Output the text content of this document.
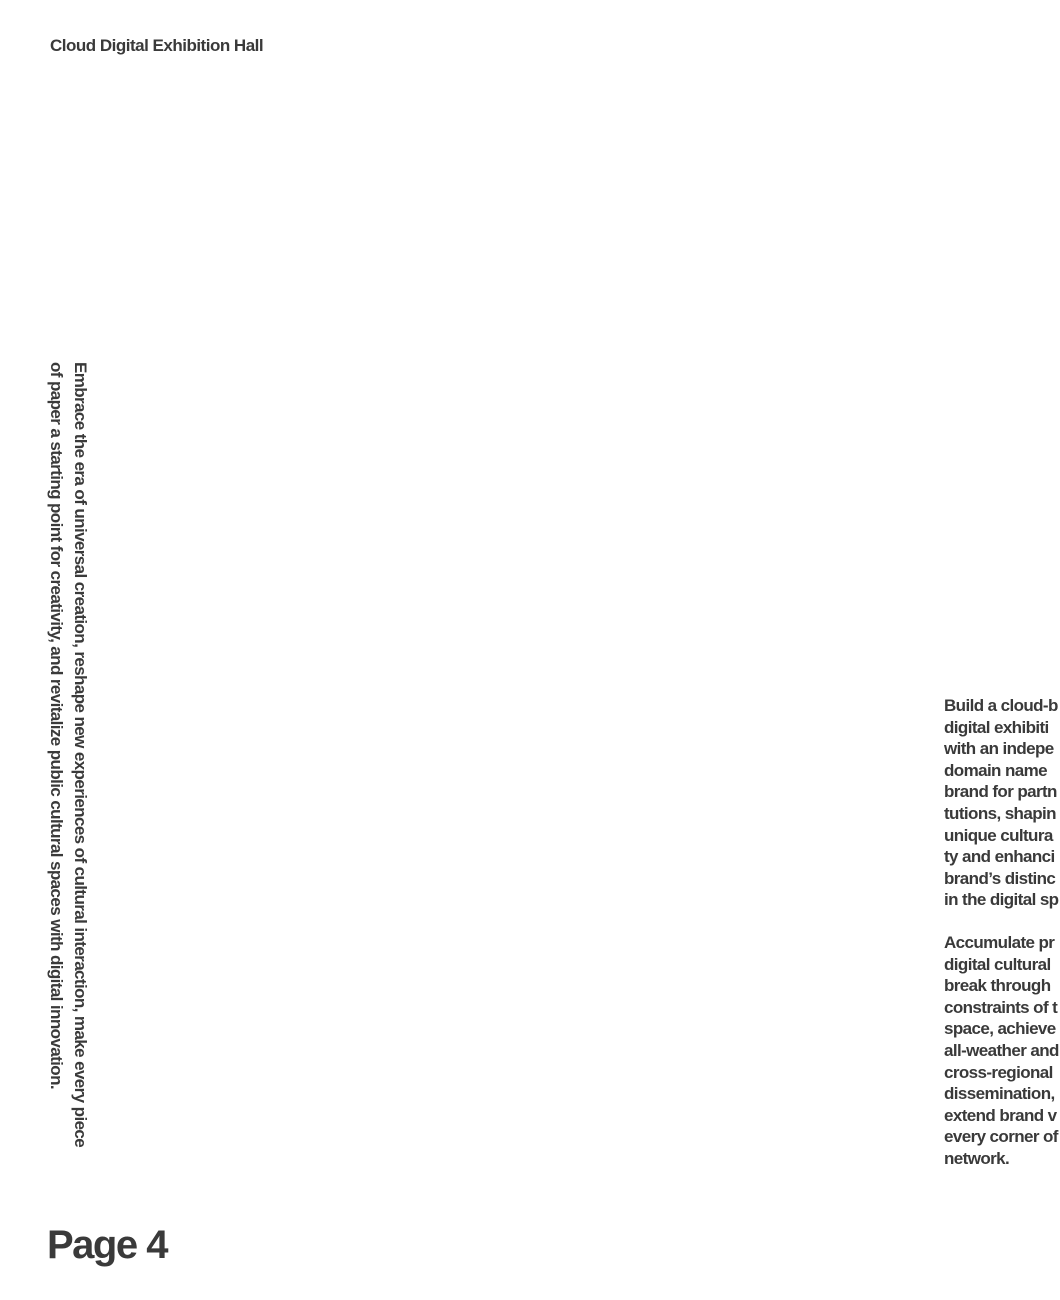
Cloud Digital Exhibition Hall
Embrace the era of universal creation, reshape new experiences of cultural interaction, make every piece
of paper a starting point for creativity, and revitalize public cultural spaces with digital innovation.	Build a cloud-b
digital exhibiti
with an indepe
domain name
brand for partn
tutions, shapin
unique cultura
ty and enhanci
brand’s distinc
in the digital sp

Accumulate pr
digital cultural
break through
constraints of t
space, achieve
all-weather and
cross-regional
dissemination,
extend brand v
every corner of
network.

Page 4
